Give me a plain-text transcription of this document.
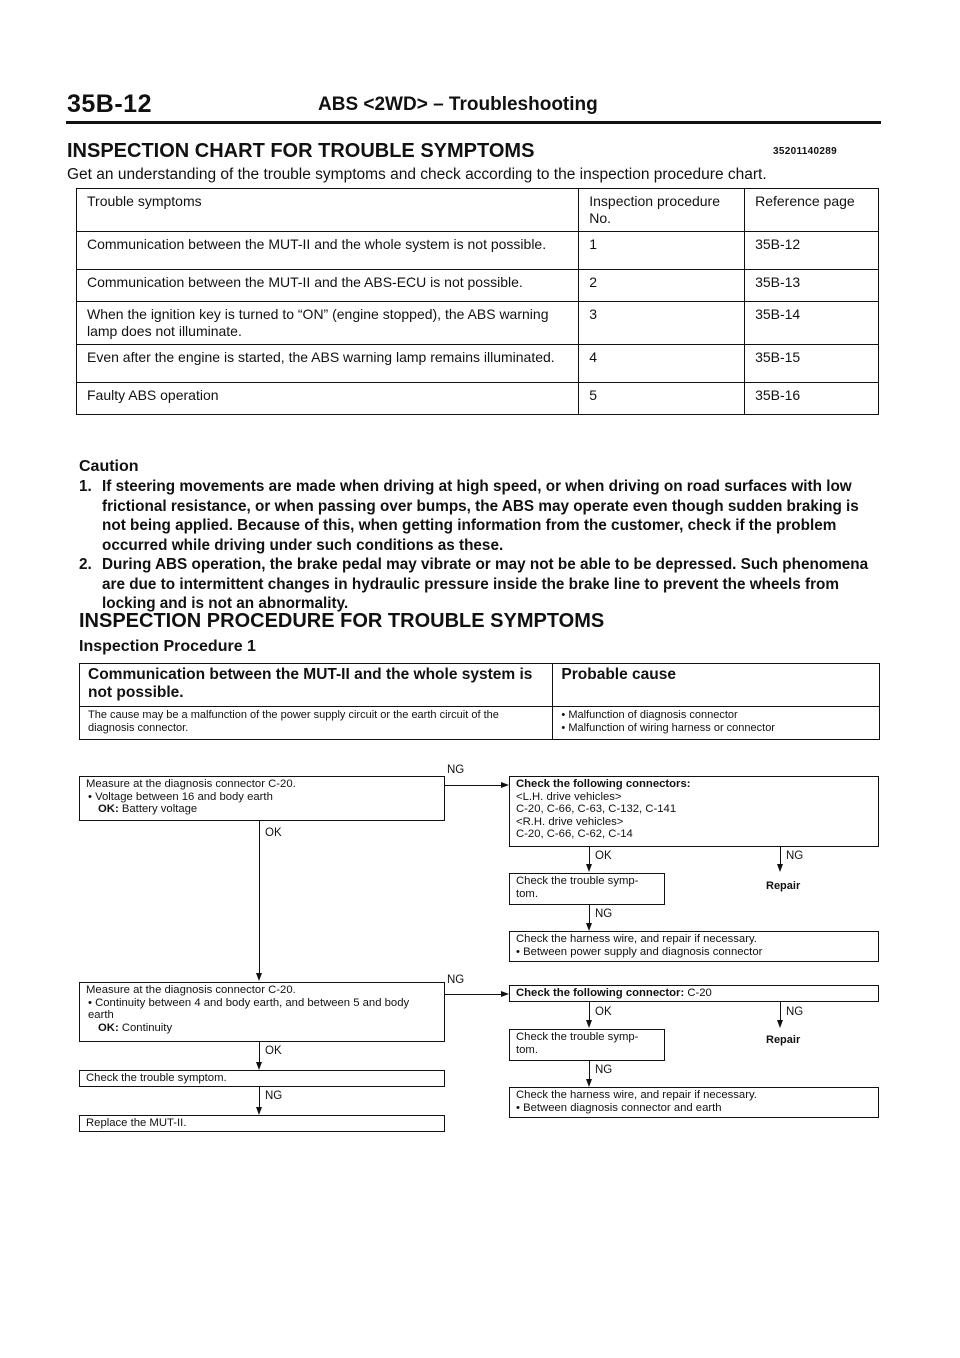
35B-12	ABS <2WD> – Troubleshooting
INSPECTION CHART FOR TROUBLE SYMPTOMS	35201140289
Get an understanding of the trouble symptoms and check according to the inspection procedure chart.
Trouble symptoms	Inspection procedure No.	Reference page
Communication between the MUT-II and the whole system is not possible.	1	35B-12
Communication between the MUT-II and the ABS-ECU is not possible.	2	35B-13
When the ignition key is turned to “ON” (engine stopped), the ABS warning lamp does not illuminate.	3	35B-14
Even after the engine is started, the ABS warning lamp remains illuminated.	4	35B-15
Faulty ABS operation	5	35B-16
Caution
1. If steering movements are made when driving at high speed, or when driving on road surfaces with low frictional resistance, or when passing over bumps, the ABS may operate even though sudden braking is not being applied. Because of this, when getting information from the customer, check if the problem occurred while driving under such conditions as these.
2. During ABS operation, the brake pedal may vibrate or may not be able to be depressed. Such phenomena are due to intermittent changes in hydraulic pressure inside the brake line to prevent the wheels from locking and is not an abnormality.
INSPECTION PROCEDURE FOR TROUBLE SYMPTOMS
Inspection Procedure 1
Communication between the MUT-II and the whole system is not possible.	Probable cause
The cause may be a malfunction of the power supply circuit or the earth circuit of the diagnosis connector.	• Malfunction of diagnosis connector
• Malfunction of wiring harness or connector
Measure at the diagnosis connector C-20.
• Voltage between 16 and body earth
OK: Battery voltage
NG
Check the following connectors:
<L.H. drive vehicles>
C-20, C-66, C-63, C-132, C-141
<R.H. drive vehicles>
C-20, C-66, C-62, C-14
OK
OK	NG
Check the trouble symp-tom.
Repair
NG
Check the harness wire, and repair if necessary.
• Between power supply and diagnosis connector
Measure at the diagnosis connector C-20.
• Continuity between 4 and body earth, and between 5 and body earth
OK: Continuity
NG
Check the following connector: C-20
OK	NG
Check the trouble symp-tom.
Repair
NG
Check the harness wire, and repair if necessary.
• Between diagnosis connector and earth
OK
Check the trouble symptom.
NG
Replace the MUT-II.
